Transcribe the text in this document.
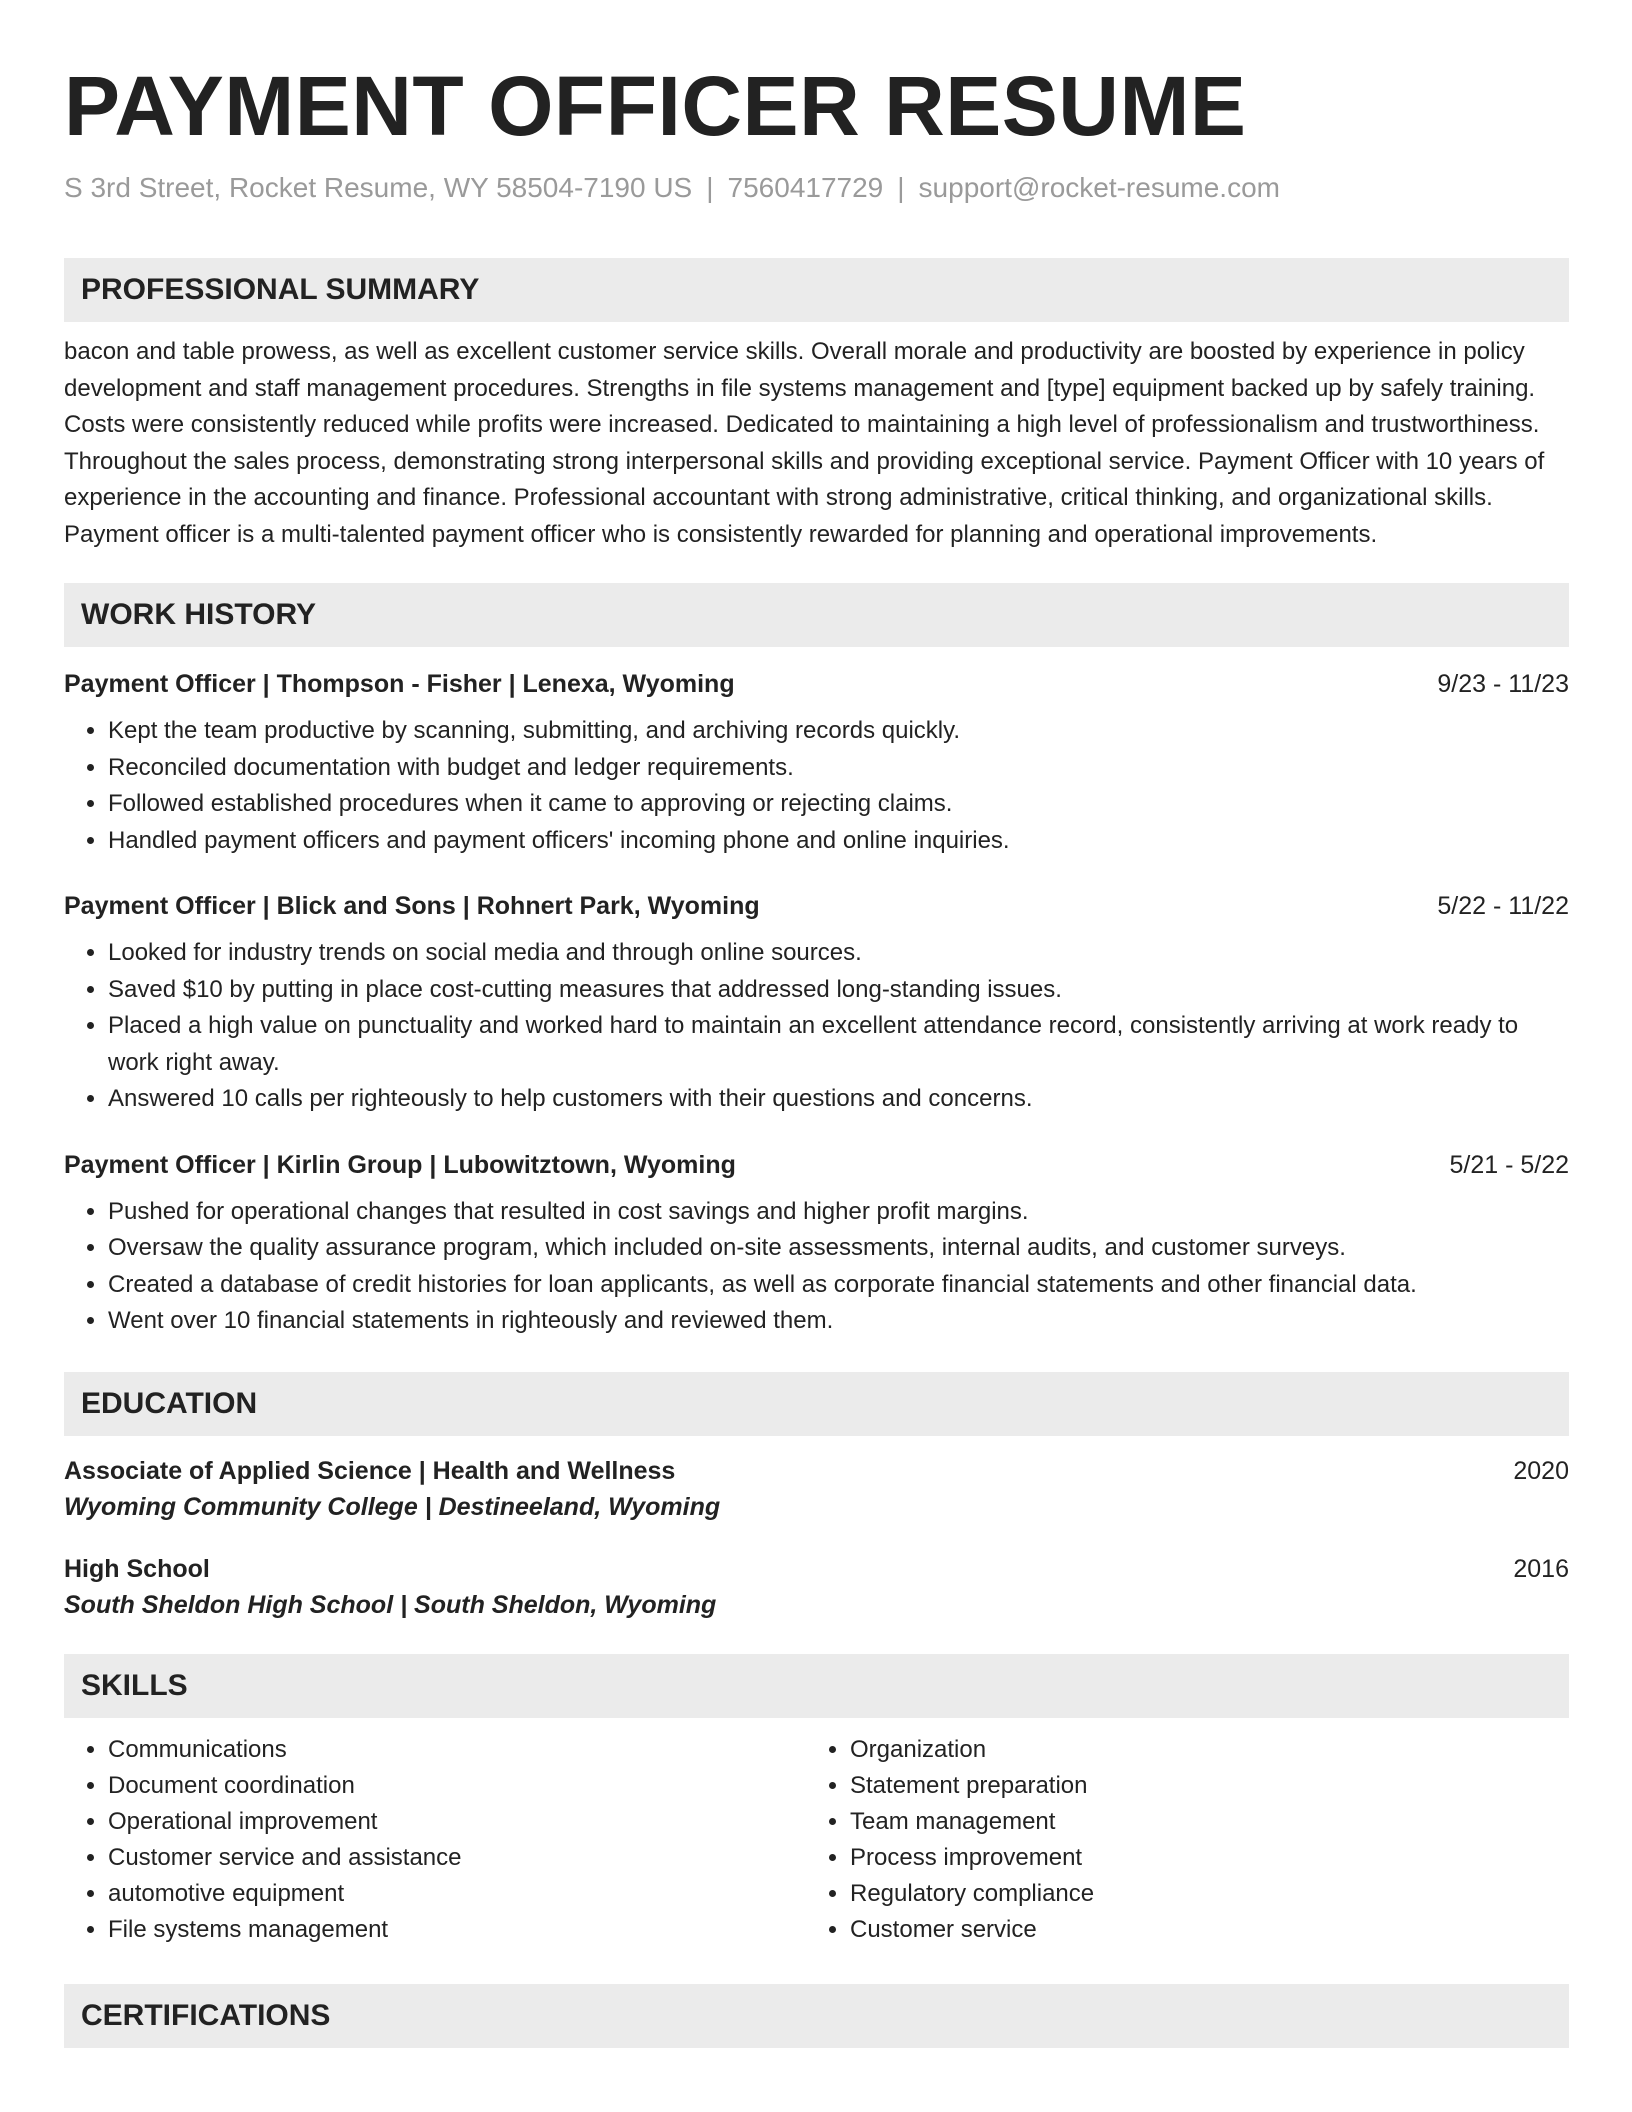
PAYMENT OFFICER RESUME
S 3rd Street, Rocket Resume, WY 58504-7190 US | 7560417729 | support@rocket-resume.com
PROFESSIONAL SUMMARY
bacon and table prowess, as well as excellent customer service skills. Overall morale and productivity are boosted by experience in policy development and staff management procedures. Strengths in file systems management and [type] equipment backed up by safely training. Costs were consistently reduced while profits were increased. Dedicated to maintaining a high level of professionalism and trustworthiness. Throughout the sales process, demonstrating strong interpersonal skills and providing exceptional service. Payment Officer with 10 years of experience in the accounting and finance. Professional accountant with strong administrative, critical thinking, and organizational skills. Payment officer is a multi-talented payment officer who is consistently rewarded for planning and operational improvements.
WORK HISTORY
Payment Officer | Thompson - Fisher | Lenexa, Wyoming	9/23 - 11/23
• Kept the team productive by scanning, submitting, and archiving records quickly.
• Reconciled documentation with budget and ledger requirements.
• Followed established procedures when it came to approving or rejecting claims.
• Handled payment officers and payment officers' incoming phone and online inquiries.
Payment Officer | Blick and Sons | Rohnert Park, Wyoming	5/22 - 11/22
• Looked for industry trends on social media and through online sources.
• Saved $10 by putting in place cost-cutting measures that addressed long-standing issues.
• Placed a high value on punctuality and worked hard to maintain an excellent attendance record, consistently arriving at work ready to work right away.
• Answered 10 calls per righteously to help customers with their questions and concerns.
Payment Officer | Kirlin Group | Lubowitztown, Wyoming	5/21 - 5/22
• Pushed for operational changes that resulted in cost savings and higher profit margins.
• Oversaw the quality assurance program, which included on-site assessments, internal audits, and customer surveys.
• Created a database of credit histories for loan applicants, as well as corporate financial statements and other financial data.
• Went over 10 financial statements in righteously and reviewed them.
EDUCATION
Associate of Applied Science | Health and Wellness	2020
Wyoming Community College | Destineeland, Wyoming
High School	2016
South Sheldon High School | South Sheldon, Wyoming
SKILLS
• Communications
• Document coordination
• Operational improvement
• Customer service and assistance
• automotive equipment
• File systems management
• Organization
• Statement preparation
• Team management
• Process improvement
• Regulatory compliance
• Customer service
CERTIFICATIONS
